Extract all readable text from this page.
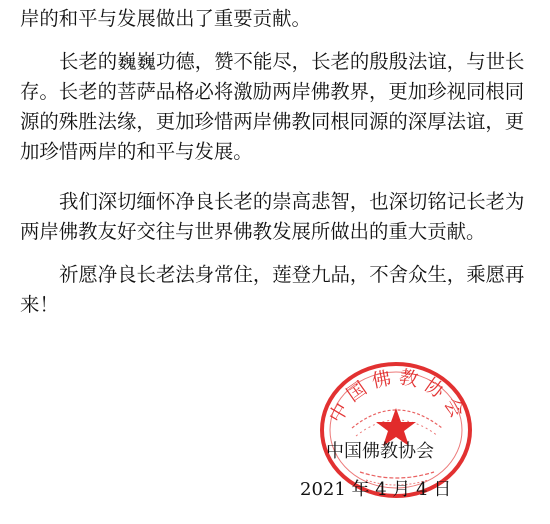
岸的和平与发展做出了重要贡献。
长老的巍巍功德，赞不能尽，长老的殷殷法谊，与世长
存。长老的菩萨品格必将激励两岸佛教界，更加珍视同根同
源的殊胜法缘，更加珍惜两岸佛教同根同源的深厚法谊，更
加珍惜两岸的和平与发展。
我们深切缅怀净良长老的崇高悲智，也深切铭记长老为
两岸佛教友好交往与世界佛教发展所做出的重大贡献。
祈愿净良长老法身常住，莲登九品，不舍众生，乘愿再
来！
中国佛教协会
中国佛教协会
2021 年 4 月 4 日
